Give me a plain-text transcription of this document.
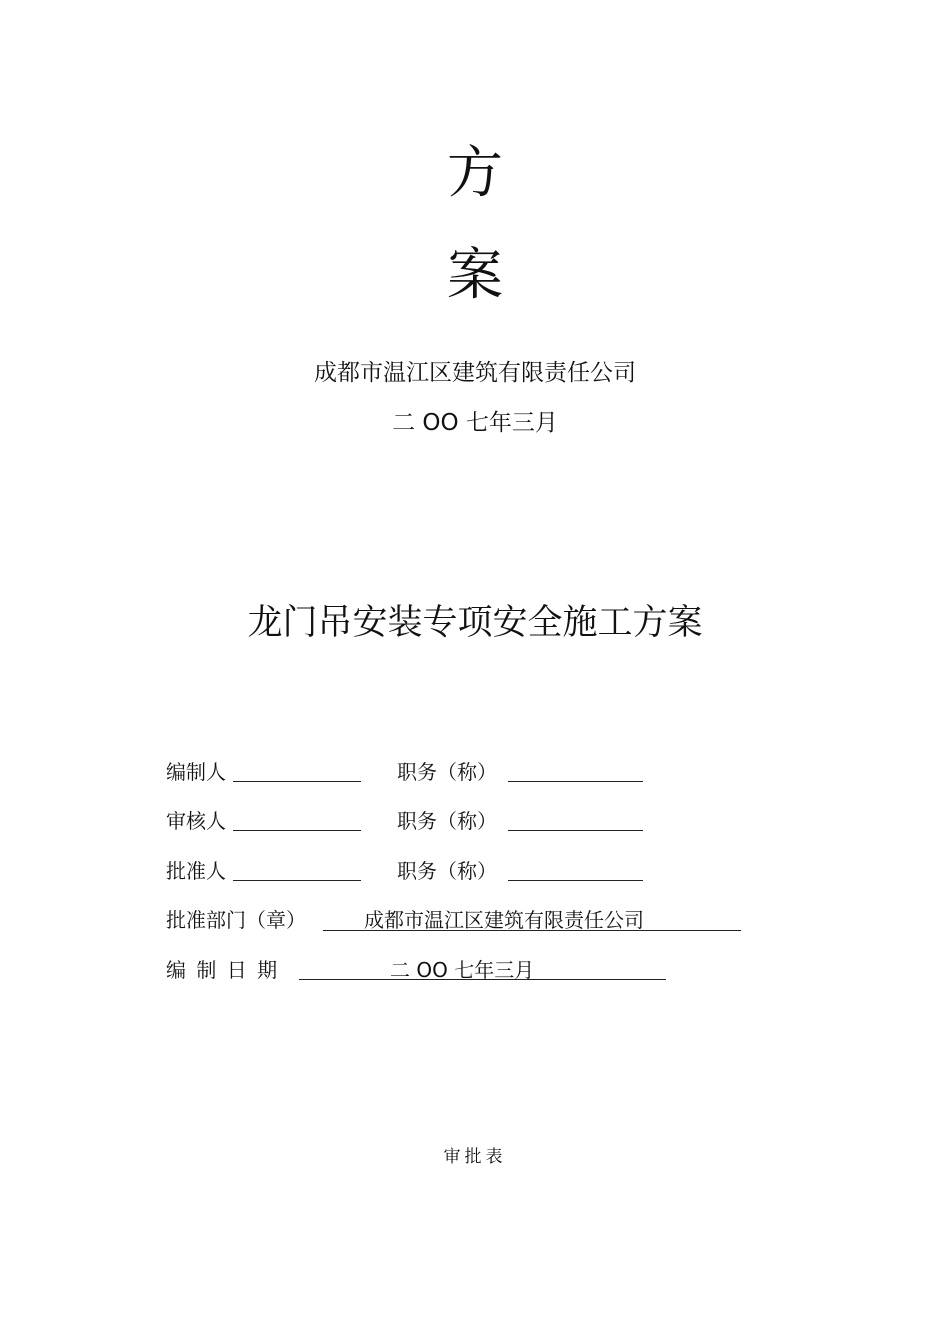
方
案
成都市温江区建筑有限责任公司
二 OO 七年三月
龙门吊安装专项安全施工方案
编制人	职务（称）
审核人	职务（称）
批准人	职务（称）
批准部门（章）	成都市温江区建筑有限责任公司
编 制 日 期	二 OO 七年三月
审批表
